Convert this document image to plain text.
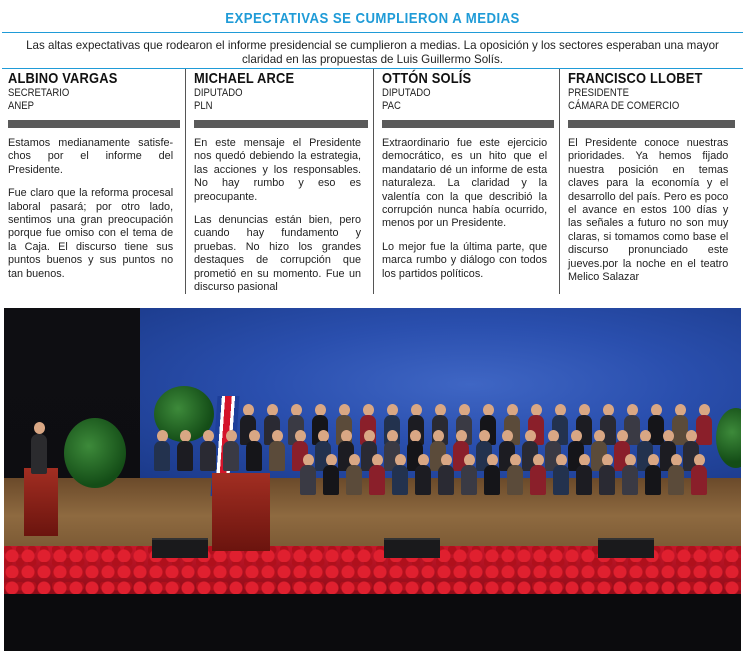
EXPECTATIVAS SE CUMPLIERON A MEDIAS
Las altas expectativas que rodearon el informe presidencial se cumplieron a medias. La oposición y los sectores esperaban una mayor claridad en las propuestas de Luis Guillermo Solís.
ALBINO VARGAS
SECRETARIO
ANEP

Estamos medianamente satisfe-chos por el informe del Presidente.

Fue claro que la reforma procesal laboral pasará; por otro lado, sentimos una gran preocupación porque fue omiso con el tema de la Caja. El discurso tiene sus puntos buenos y sus puntos no tan buenos.

MICHAEL ARCE
DIPUTADO
PLN

En este mensaje el Presidente nos quedó debiendo la estrategia, las acciones y los responsables. No hay rumbo y eso es preocupante.

Las denuncias están bien, pero cuando hay fundamento y pruebas. No hizo los grandes destaques de corrupción que prometió en su momento. Fue un discurso pasional

OTTÓN SOLÍS
DIPUTADO
PAC

Extraordinario fue este ejercicio democrático, es un hito que el mandatario dé un informe de esta naturaleza. La claridad y la valentía con la que describió la corrupción nunca había ocurrido, menos por un Presidente.

Lo mejor fue la última parte, que marca rumbo y diálogo con todos los partidos políticos.

FRANCISCO LLOBET
PRESIDENTE
CÁMARA DE COMERCIO

El Presidente conoce nuestras prioridades. Ya hemos fijado nuestra posición en temas claves para la economía y el desarrollo del país. Pero es poco el avance en estos 100 días y las señales a futuro no son muy claras, si tomamos como base el discurso pronunciado este jueves.por la noche en el teatro Melico Salazar
